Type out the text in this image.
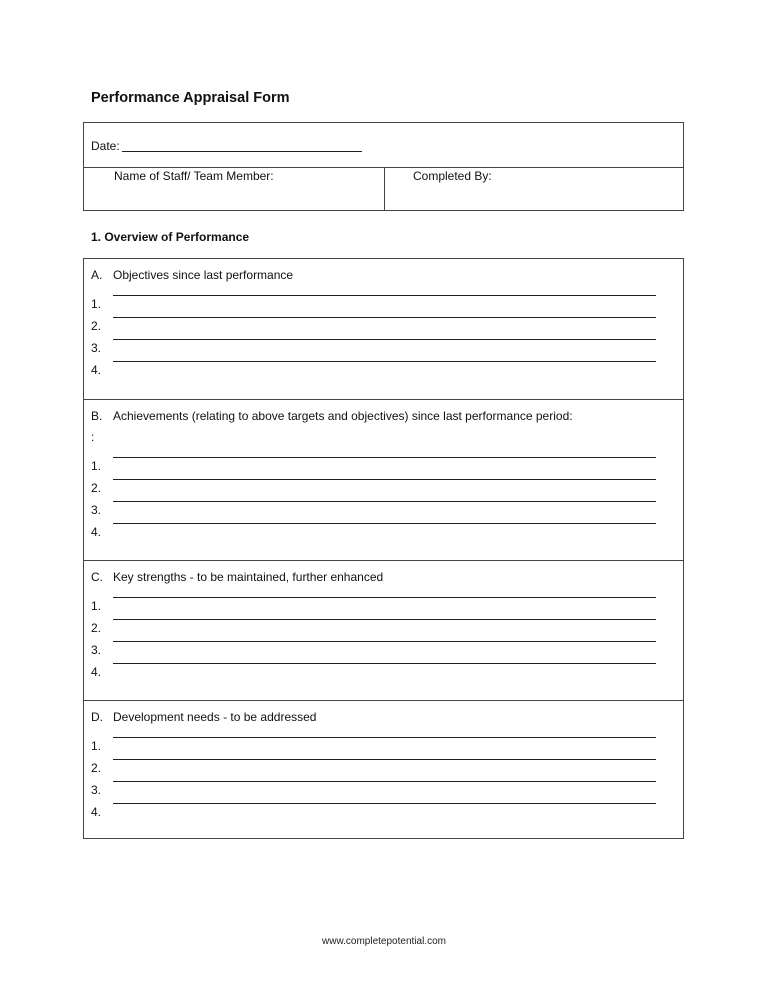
Performance Appraisal Form
Date:
Name of Staff/ Team Member:	Completed By:
1. Overview of Performance
A. Objectives since last performance
1.
2.
3.
4.
B. Achievements (relating to above targets and objectives) since last performance period:
:
1.
2.
3.
4.
C. Key strengths - to be maintained, further enhanced
1.
2.
3.
4.
D. Development needs - to be addressed
1.
2.
3.
4.
www.completepotential.com
